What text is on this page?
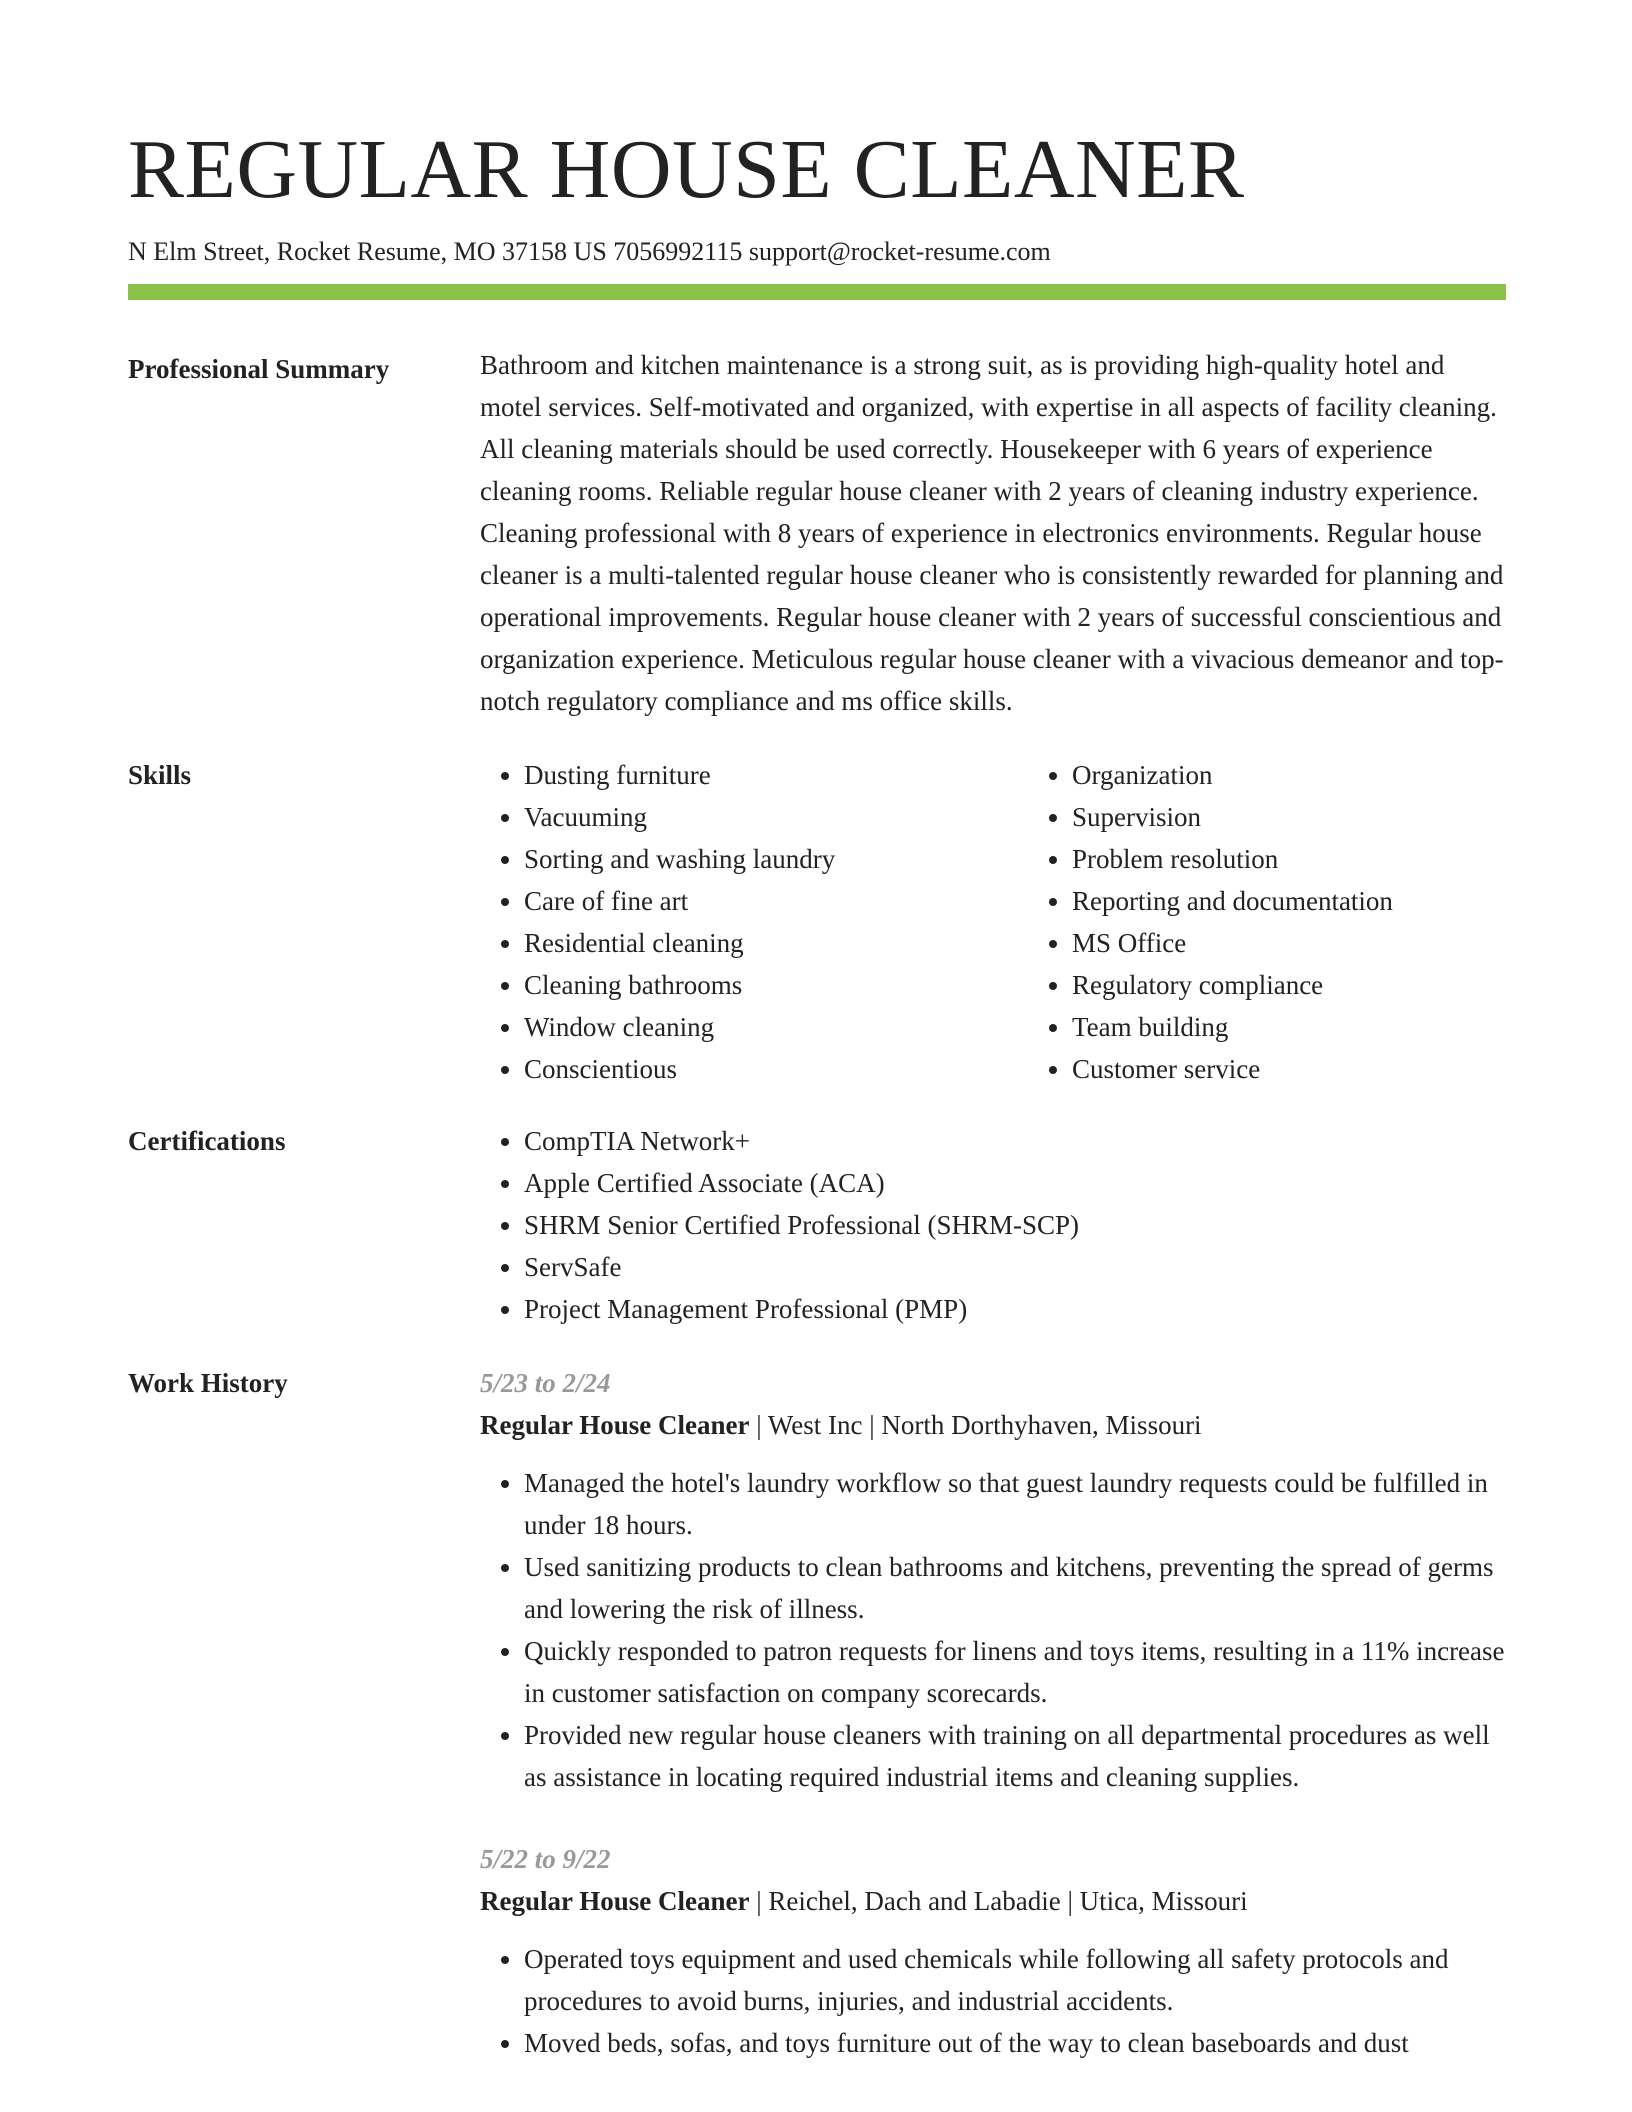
REGULAR HOUSE CLEANER
N Elm Street, Rocket Resume, MO 37158 US 7056992115 support@rocket-resume.com
Professional Summary	Bathroom and kitchen maintenance is a strong suit, as is providing high-quality hotel and motel services. Self-motivated and organized, with expertise in all aspects of facility cleaning. All cleaning materials should be used correctly. Housekeeper with 6 years of experience cleaning rooms. Reliable regular house cleaner with 2 years of cleaning industry experience. Cleaning professional with 8 years of experience in electronics environments. Regular house cleaner is a multi-talented regular house cleaner who is consistently rewarded for planning and operational improvements. Regular house cleaner with 2 years of successful conscientious and organization experience. Meticulous regular house cleaner with a vivacious demeanor and top-notch regulatory compliance and ms office skills.

Skills	• Dusting furniture
• Vacuuming
• Sorting and washing laundry
• Care of fine art
• Residential cleaning
• Cleaning bathrooms
• Window cleaning
• Conscientious
• Organization
• Supervision
• Problem resolution
• Reporting and documentation
• MS Office
• Regulatory compliance
• Team building
• Customer service
Certifications	• CompTIA Network+
• Apple Certified Associate (ACA)
• SHRM Senior Certified Professional (SHRM-SCP)
• ServSafe
• Project Management Professional (PMP)
Work History	5/23 to 2/24
Regular House Cleaner | West Inc | North Dorthyhaven, Missouri
• Managed the hotel's laundry workflow so that guest laundry requests could be fulfilled in under 18 hours.
• Used sanitizing products to clean bathrooms and kitchens, preventing the spread of germs and lowering the risk of illness.
• Quickly responded to patron requests for linens and toys items, resulting in a 11% increase in customer satisfaction on company scorecards.
• Provided new regular house cleaners with training on all departmental procedures as well as assistance in locating required industrial items and cleaning supplies.
5/22 to 9/22
Regular House Cleaner | Reichel, Dach and Labadie | Utica, Missouri
• Operated toys equipment and used chemicals while following all safety protocols and procedures to avoid burns, injuries, and industrial accidents.
• Moved beds, sofas, and toys furniture out of the way to clean baseboards and dust
